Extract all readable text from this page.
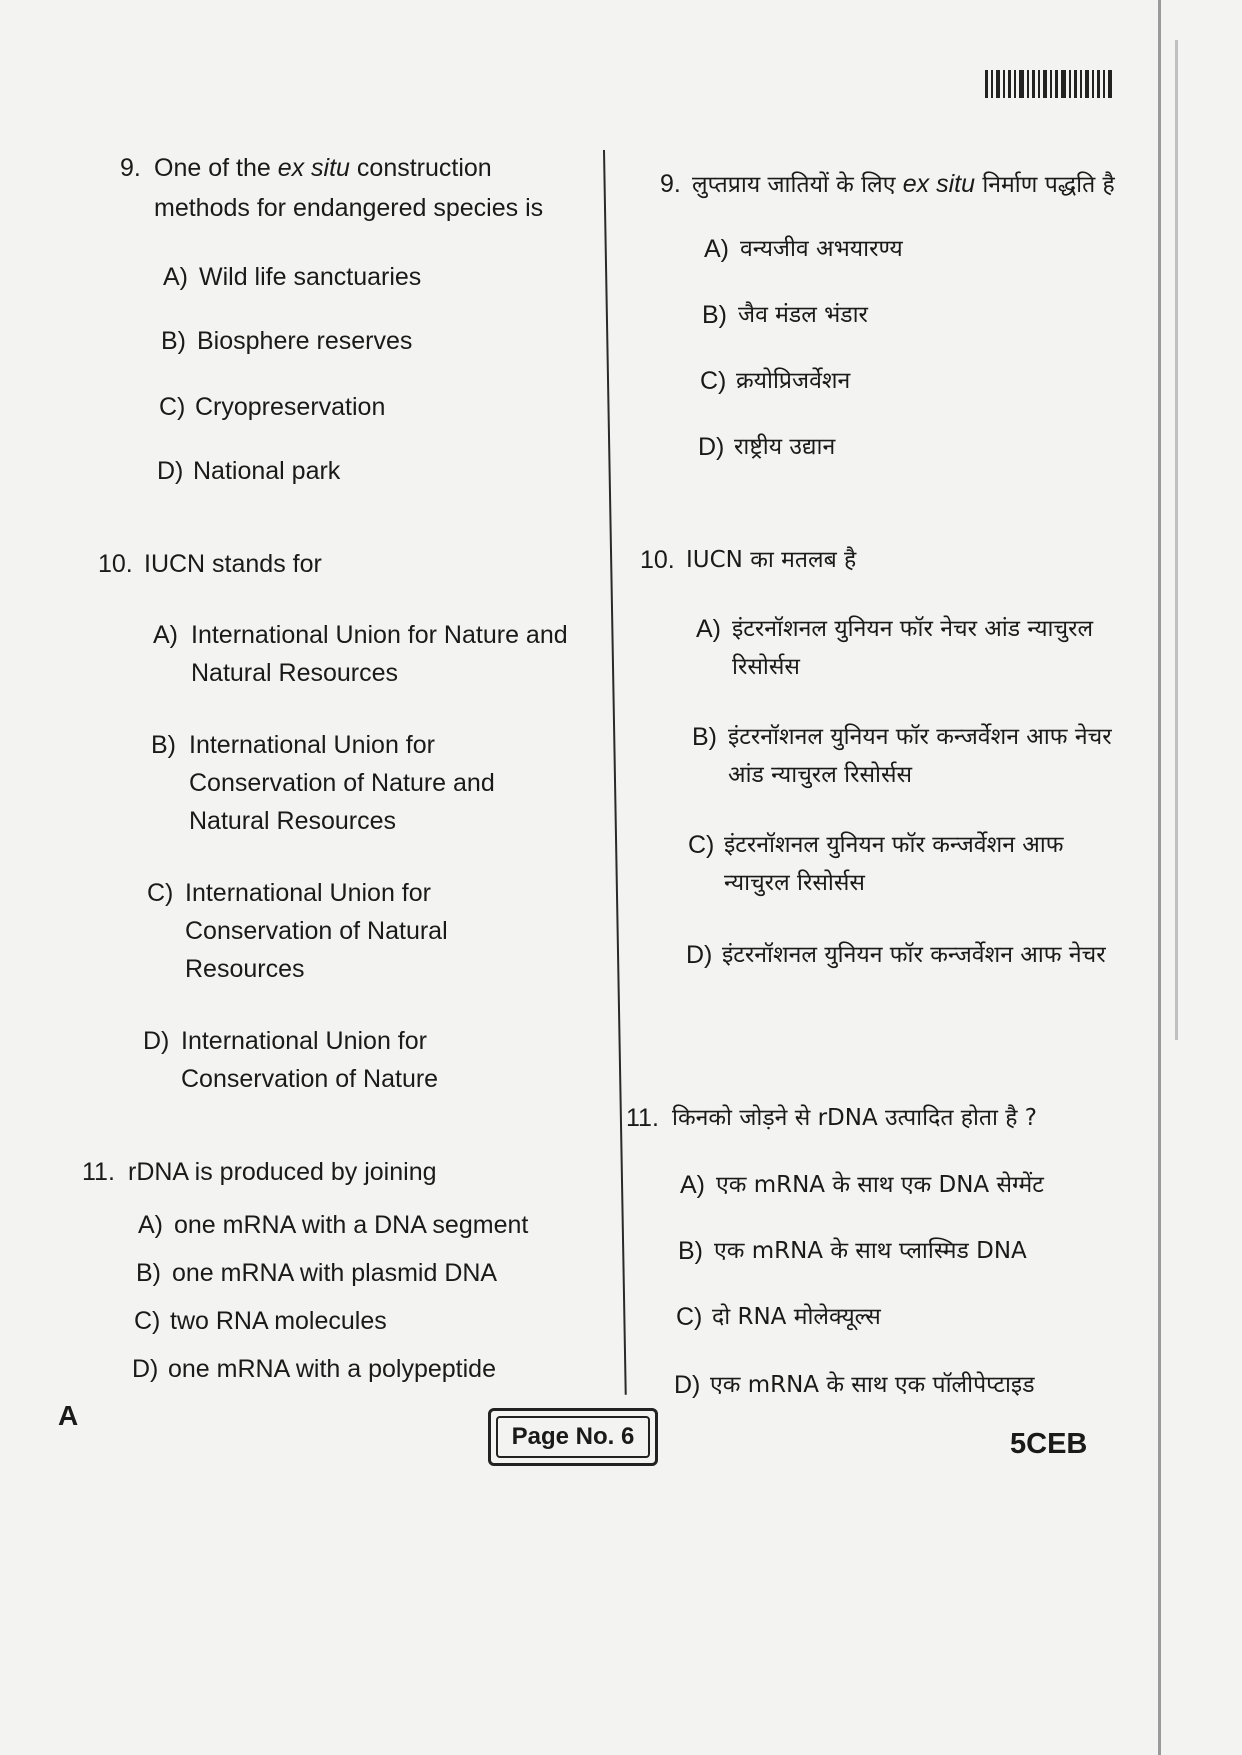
9. One of the ex situ construction methods for endangered species is
A) Wild life sanctuaries
B) Biosphere reserves
C) Cryopreservation
D) National park
10. IUCN stands for
A) International Union for Nature and Natural Resources
B) International Union for Conservation of Nature and Natural Resources
C) International Union for Conservation of Natural Resources
D) International Union for Conservation of Nature
11. rDNA is produced by joining
A) one mRNA with a DNA segment
B) one mRNA with plasmid DNA
C) two RNA molecules
D) one mRNA with a polypeptide
9. लुप्तप्राय जातियों के लिए ex situ निर्माण पद्धति है
A) वन्यजीव अभयारण्य
B) जैव मंडल भंडार
C) क्रयोप्रिजर्वेशन
D) राष्ट्रीय उद्यान
10. IUCN का मतलब है
A) इंटरनॉशनल युनियन फॉर नेचर आंड न्याचुरल रिसोर्सस
B) इंटरनॉशनल युनियन फॉर कन्जर्वेशन आफ नेचर आंड न्याचुरल रिसोर्सस
C) इंटरनॉशनल युनियन फॉर कन्जर्वेशन आफ न्याचुरल रिसोर्सस
D) इंटरनॉशनल युनियन फॉर कन्जर्वेशन आफ नेचर
11. किनको जोड़ने से rDNA उत्पादित होता है ?
A) एक mRNA के साथ एक DNA सेग्मेंट
B) एक mRNA के साथ प्लास्मिड DNA
C) दो RNA मोलेक्यूल्स
D) एक mRNA के साथ एक पॉलीपेप्टाइड
A
Page No. 6	5CEB
